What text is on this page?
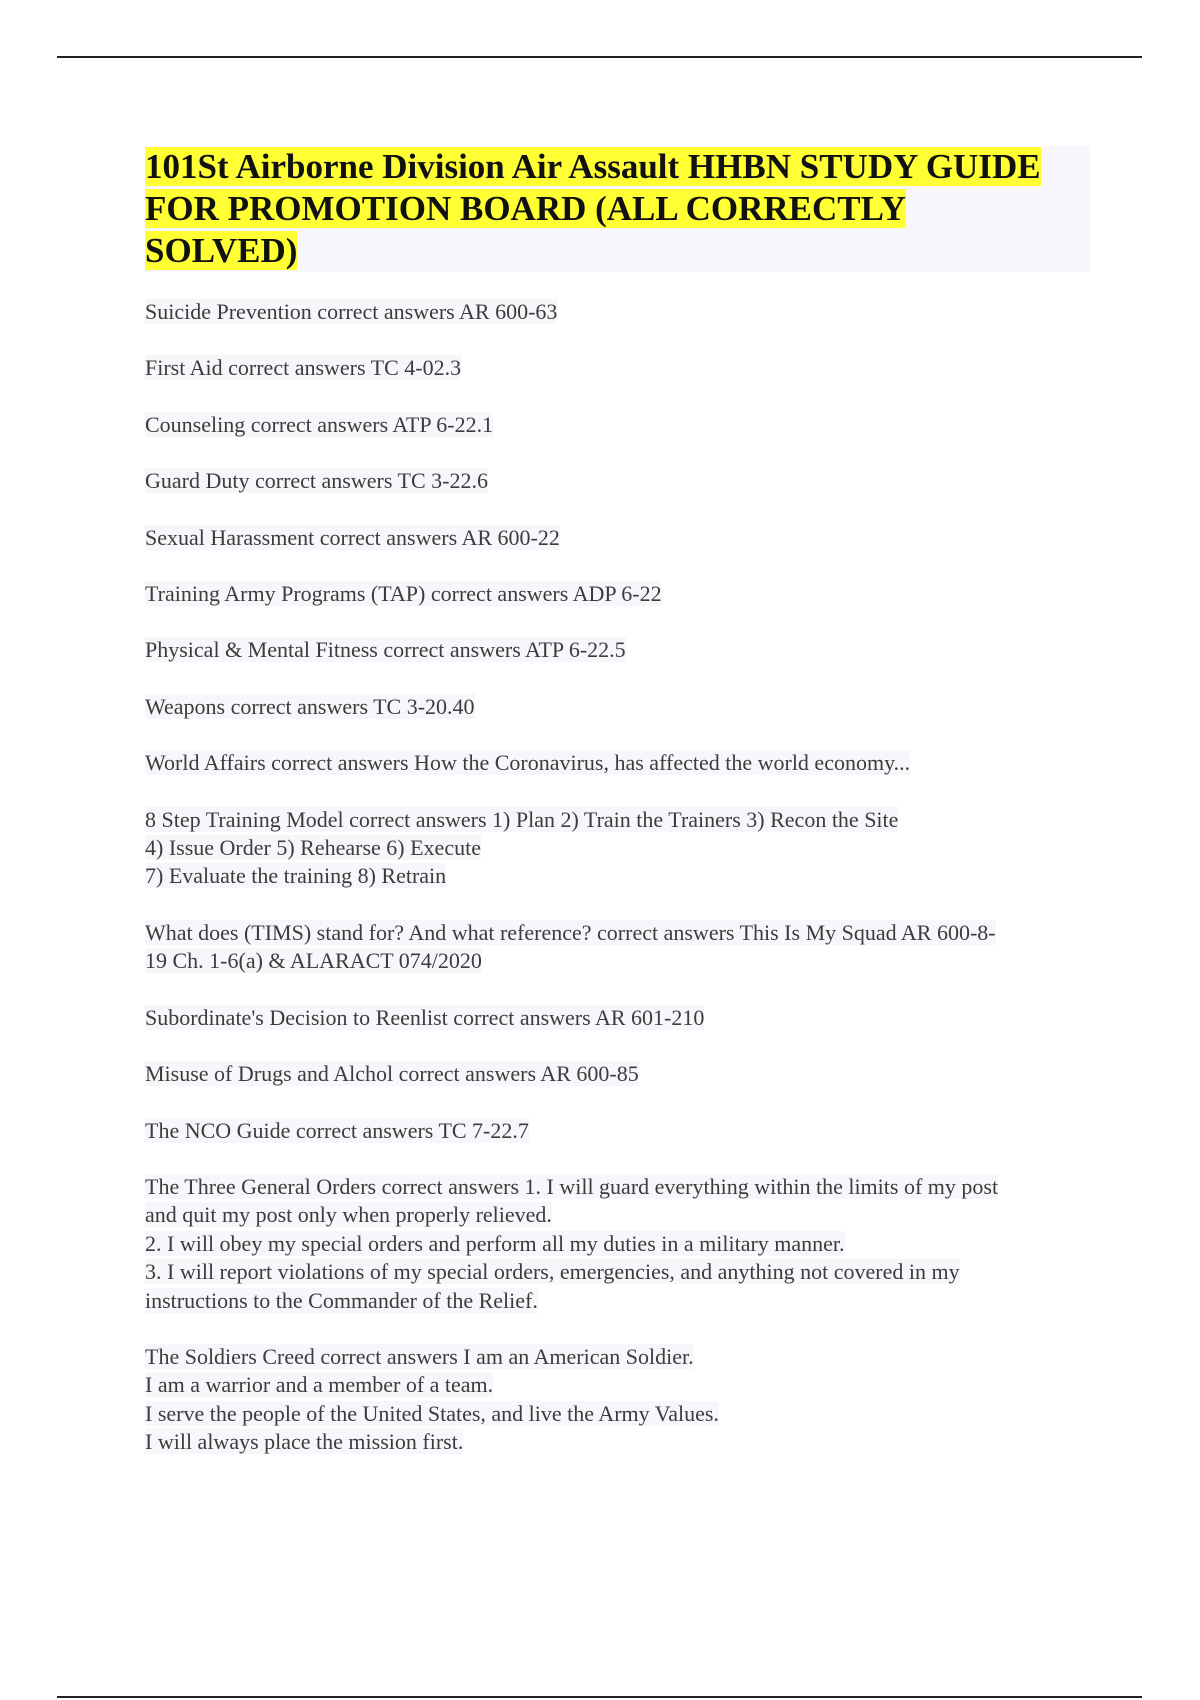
101St Airborne Division Air Assault HHBN STUDY GUIDE
FOR PROMOTION BOARD (ALL CORRECTLY
SOLVED)
Suicide Prevention correct answers AR 600-63
First Aid correct answers TC 4-02.3
Counseling correct answers ATP 6-22.1
Guard Duty correct answers TC 3-22.6
Sexual Harassment correct answers AR 600-22
Training Army Programs (TAP) correct answers ADP 6-22
Physical & Mental Fitness correct answers ATP 6-22.5
Weapons correct answers TC 3-20.40
World Affairs correct answers How the Coronavirus, has affected the world economy...
8 Step Training Model correct answers 1) Plan 2) Train the Trainers 3) Recon the Site
4) Issue Order 5) Rehearse 6) Execute
7) Evaluate the training 8) Retrain
What does (TIMS) stand for? And what reference? correct answers This Is My Squad AR 600-8-
19 Ch. 1-6(a) & ALARACT 074/2020
Subordinate's Decision to Reenlist correct answers AR 601-210
Misuse of Drugs and Alchol correct answers AR 600-85
The NCO Guide correct answers TC 7-22.7
The Three General Orders correct answers 1. I will guard everything within the limits of my post
and quit my post only when properly relieved.
2. I will obey my special orders and perform all my duties in a military manner.
3. I will report violations of my special orders, emergencies, and anything not covered in my
instructions to the Commander of the Relief.
The Soldiers Creed correct answers I am an American Soldier.
I am a warrior and a member of a team.
I serve the people of the United States, and live the Army Values.
I will always place the mission first.
